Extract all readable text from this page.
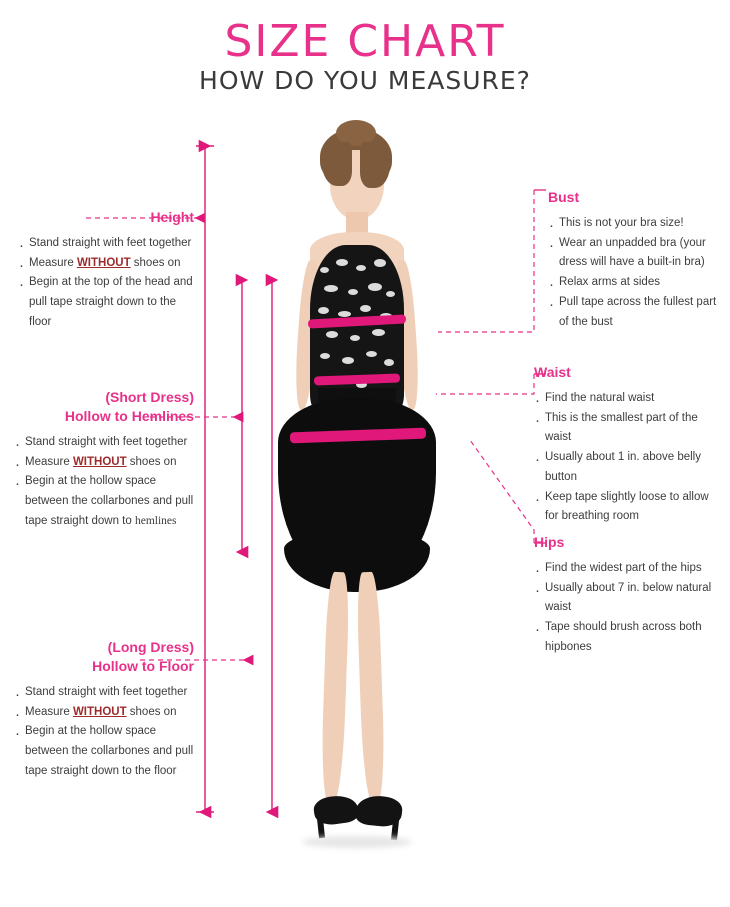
SIZE CHART
HOW DO YOU MEASURE?
Height
· Stand straight with feet together
· Measure WITHOUT shoes on
· Begin at the top of the head and pull tape straight down to the floor
(Short Dress)
Hollow to Hemlines
· Stand straight with feet together
· Measure WITHOUT shoes on
· Begin at the hollow space between the collarbones and pull tape straight down to hemlines
(Long Dress)
Hollow to Floor
· Stand straight with feet together
· Measure WITHOUT shoes on
· Begin at the hollow space between the collarbones and pull tape straight down to the floor
Bust
· This is not your bra size!
· Wear an unpadded bra (your dress will have a built-in bra)
· Relax arms at sides
· Pull tape across the fullest part of the bust
Waist
· Find the natural waist
· This is the smallest part of the waist
· Usually about 1 in. above belly button
· Keep tape slightly loose to allow for breathing room
Hips
· Find the widest part of the hips
· Usually about 7 in. below natural waist
· Tape should brush across both hipbones
